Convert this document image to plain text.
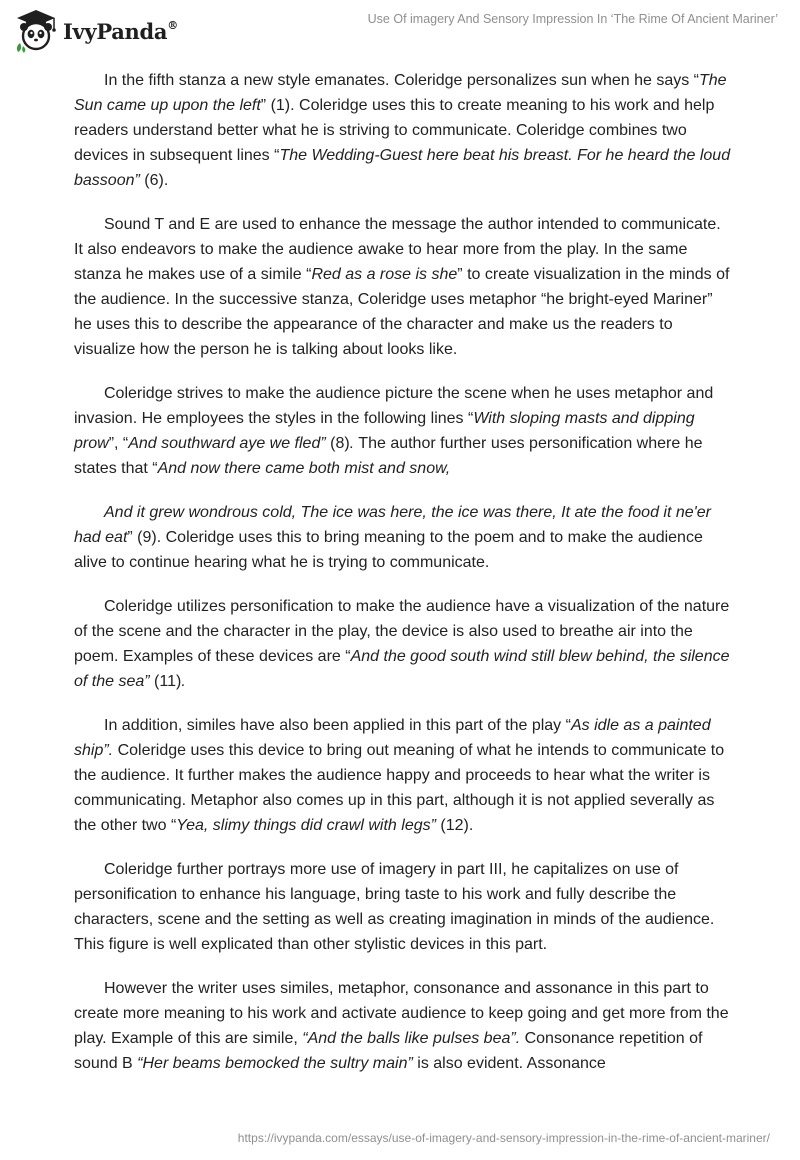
IvyPanda®	Use Of imagery And Sensory Impression In ‘The Rime Of Ancient Mariner’

In the fifth stanza a new style emanates. Coleridge personalizes sun when he says “The Sun came up upon the left” (1). Coleridge uses this to create meaning to his work and help readers understand better what he is striving to communicate. Coleridge combines two devices in subsequent lines “The Wedding-Guest here beat his breast. For he heard the loud bassoon” (6).

Sound T and E are used to enhance the message the author intended to communicate. It also endeavors to make the audience awake to hear more from the play. In the same stanza he makes use of a simile “Red as a rose is she” to create visualization in the minds of the audience. In the successive stanza, Coleridge uses metaphor “he bright-eyed Mariner” he uses this to describe the appearance of the character and make us the readers to visualize how the person he is talking about looks like.

Coleridge strives to make the audience picture the scene when he uses metaphor and invasion. He employees the styles in the following lines “With sloping masts and dipping prow”, “And southward aye we fled” (8). The author further uses personification where he states that “And now there came both mist and snow,

And it grew wondrous cold, The ice was here, the ice was there, It ate the food it ne'er had eat” (9). Coleridge uses this to bring meaning to the poem and to make the audience alive to continue hearing what he is trying to communicate.

Coleridge utilizes personification to make the audience have a visualization of the nature of the scene and the character in the play, the device is also used to breathe air into the poem. Examples of these devices are “And the good south wind still blew behind, the silence of the sea” (11).

In addition, similes have also been applied in this part of the play “As idle as a painted ship”. Coleridge uses this device to bring out meaning of what he intends to communicate to the audience. It further makes the audience happy and proceeds to hear what the writer is communicating. Metaphor also comes up in this part, although it is not applied severally as the other two “Yea, slimy things did crawl with legs” (12).

Coleridge further portrays more use of imagery in part III, he capitalizes on use of personification to enhance his language, bring taste to his work and fully describe the characters, scene and the setting as well as creating imagination in minds of the audience. This figure is well explicated than other stylistic devices in this part.

However the writer uses similes, metaphor, consonance and assonance in this part to create more meaning to his work and activate audience to keep going and get more from the play. Example of this are simile, “And the balls like pulses bea”. Consonance repetition of sound B “Her beams bemocked the sultry main” is also evident. Assonance

https://ivypanda.com/essays/use-of-imagery-and-sensory-impression-in-the-rime-of-ancient-mariner/
